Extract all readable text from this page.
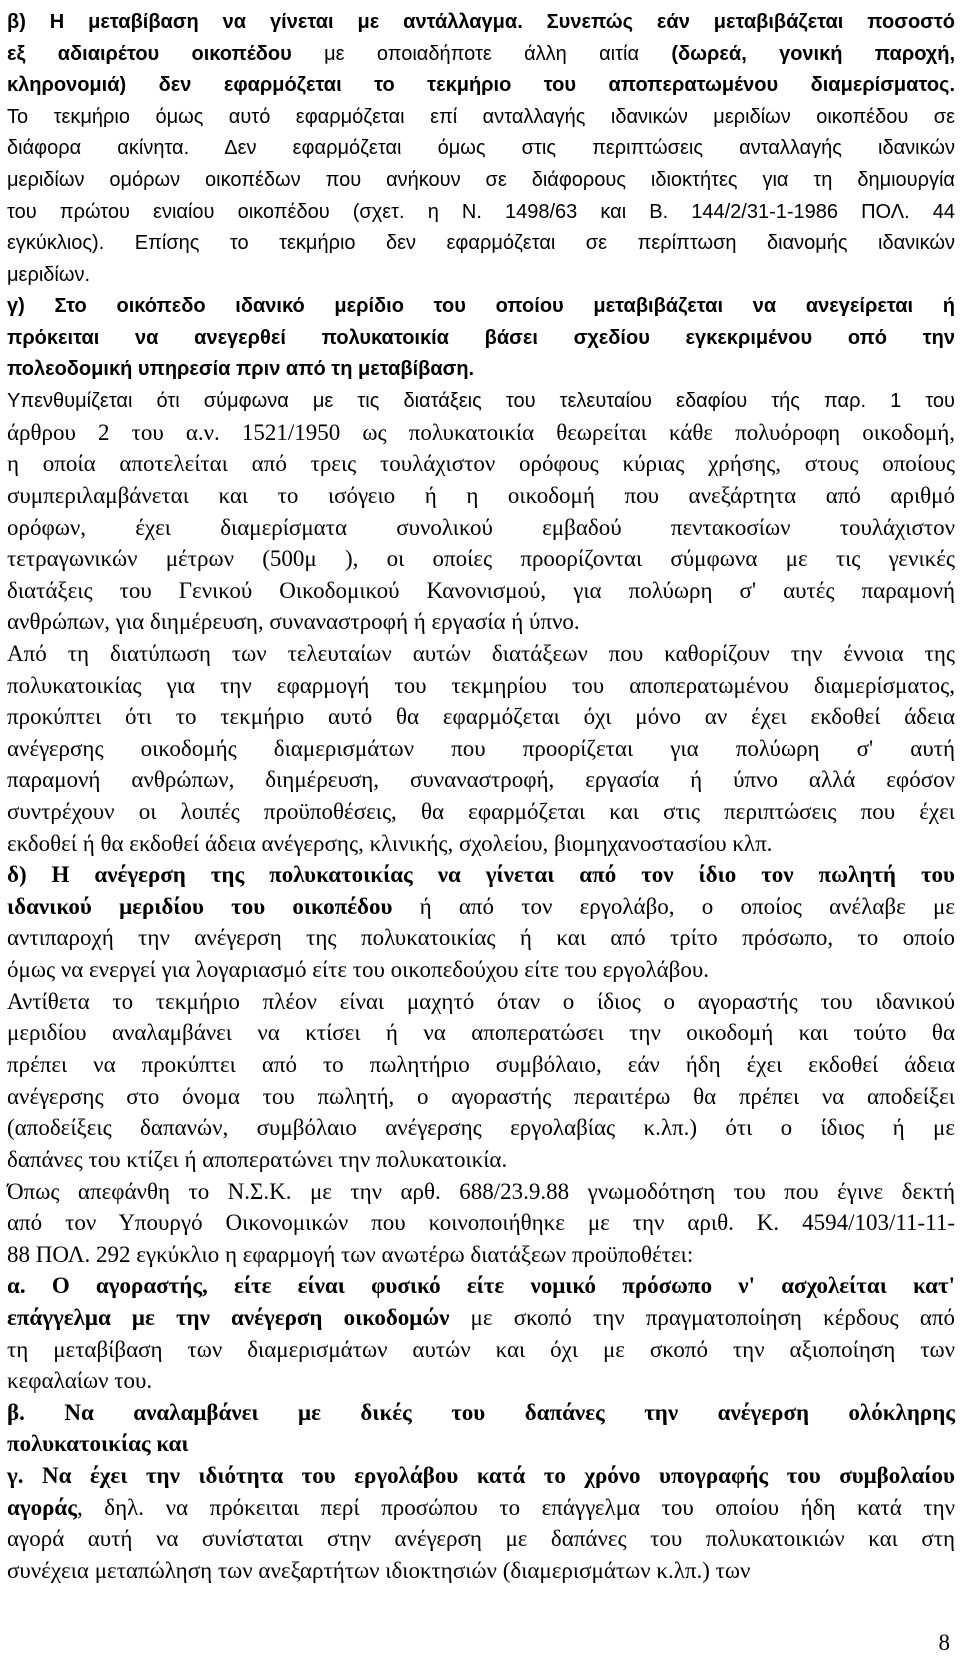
β) Η μεταβίβαση να γίνεται με αντάλλαγμα. Συνεπώς εάν μεταβιβάζεται ποσοστό
εξ αδιαιρέτου οικοπέδου με οποιαδήποτε άλλη αιτία (δωρεά, γονική παροχή,
κληρονομιά) δεν εφαρμόζεται το τεκμήριο του αποπερατωμένου διαμερίσματος.
Το τεκμήριο όμως αυτό εφαρμόζεται επί ανταλλαγής ιδανικών μεριδίων οικοπέδου σε
διάφορα ακίνητα. Δεν εφαρμόζεται όμως στις περιπτώσεις ανταλλαγής ιδανικών
μεριδίων ομόρων οικοπέδων που ανήκουν σε διάφορους ιδιοκτήτες για τη δημιουργία
του πρώτου ενιαίου οικοπέδου (σχετ. η Ν. 1498/63 και Β. 144/2/31-1-1986 ΠΟΛ. 44
εγκύκλιος). Επίσης το τεκμήριο δεν εφαρμόζεται σε περίπτωση διανομής ιδανικών
μεριδίων.
γ) Στο οικόπεδο ιδανικό μερίδιο του οποίου μεταβιβάζεται να ανεγείρεται ή
πρόκειται να ανεγερθεί πολυκατοικία βάσει σχεδίου εγκεκριμένου οπό την
πολεοδομική υπηρεσία πριν από τη μεταβίβαση.
Υπενθυμίζεται ότι σύμφωνα με τις διατάξεις του τελευταίου εδαφίου τής παρ. 1 του
άρθρου 2 του α.ν. 1521/1950 ως πολυκατοικία θεωρείται κάθε πολυόροφη οικοδομή,
η οποία αποτελείται από τρεις τουλάχιστον ορόφους κύριας χρήσης, στους οποίους
συμπεριλαμβάνεται και το ισόγειο ή η οικοδομή που ανεξάρτητα από αριθμό
ορόφων, έχει διαμερίσματα συνολικού εμβαδού πεντακοσίων τουλάχιστον
τετραγωνικών μέτρων (500μ ), οι οποίες προορίζονται σύμφωνα με τις γενικές
διατάξεις του Γενικού Οικοδομικού Κανονισμού, για πολύωρη σ' αυτές παραμονή
ανθρώπων, για διημέρευση, συναναστροφή ή εργασία ή ύπνο.
Από τη διατύπωση των τελευταίων αυτών διατάξεων που καθορίζουν την έννοια της
πολυκατοικίας για την εφαρμογή του τεκμηρίου του αποπερατωμένου διαμερίσματος,
προκύπτει ότι το τεκμήριο αυτό θα εφαρμόζεται όχι μόνο αν έχει εκδοθεί άδεια
ανέγερσης οικοδομής διαμερισμάτων που προορίζεται για πολύωρη σ' αυτή
παραμονή ανθρώπων, διημέρευση, συναναστροφή, εργασία ή ύπνο αλλά εφόσον
συντρέχουν οι λοιπές προϋποθέσεις, θα εφαρμόζεται και στις περιπτώσεις που έχει
εκδοθεί ή θα εκδοθεί άδεια ανέγερσης, κλινικής, σχολείου, βιομηχανοστασίου κλπ.
δ) Η ανέγερση της πολυκατοικίας να γίνεται από τον ίδιο τον πωλητή του
ιδανικού μεριδίου του οικοπέδου ή από τον εργολάβο, ο οποίος ανέλαβε με
αντιπαροχή την ανέγερση της πολυκατοικίας ή και από τρίτο πρόσωπο, το οποίο
όμως να ενεργεί για λογαριασμό είτε του οικοπεδούχου είτε του εργολάβου.
Αντίθετα το τεκμήριο πλέον είναι μαχητό όταν ο ίδιος ο αγοραστής του ιδανικού
μεριδίου αναλαμβάνει να κτίσει ή να αποπερατώσει την οικοδομή και τούτο θα
πρέπει να προκύπτει από το πωλητήριο συμβόλαιο, εάν ήδη έχει εκδοθεί άδεια
ανέγερσης στο όνομα του πωλητή, ο αγοραστής περαιτέρω θα πρέπει να αποδείξει
(αποδείξεις δαπανών, συμβόλαιο ανέγερσης εργολαβίας κ.λπ.) ότι ο ίδιος ή με
δαπάνες του κτίζει ή αποπερατώνει την πολυκατοικία.
Όπως απεφάνθη το Ν.Σ.Κ. με την αρθ. 688/23.9.88 γνωμοδότηση του που έγινε δεκτή
από τον Υπουργό Οικονομικών που κοινοποιήθηκε με την αριθ. Κ. 4594/103/11-11-
88 ΠΟΛ. 292 εγκύκλιο η εφαρμογή των ανωτέρω διατάξεων προϋποθέτει:
α. Ο αγοραστής, είτε είναι φυσικό είτε νομικό πρόσωπο ν' ασχολείται κατ'
επάγγελμα με την ανέγερση οικοδομών με σκοπό την πραγματοποίηση κέρδους από
τη μεταβίβαση των διαμερισμάτων αυτών και όχι με σκοπό την αξιοποίηση των
κεφαλαίων του.
β. Να αναλαμβάνει με δικές του δαπάνες την ανέγερση ολόκληρης
πολυκατοικίας και
γ. Να έχει την ιδιότητα του εργολάβου κατά το χρόνο υπογραφής του συμβολαίου
αγοράς, δηλ. να πρόκειται περί προσώπου το επάγγελμα του οποίου ήδη κατά την
αγορά αυτή να συνίσταται στην ανέγερση με δαπάνες του πολυκατοικιών και στη
συνέχεια μεταπώληση των ανεξαρτήτων ιδιοκτησιών (διαμερισμάτων κ.λπ.) των
8
